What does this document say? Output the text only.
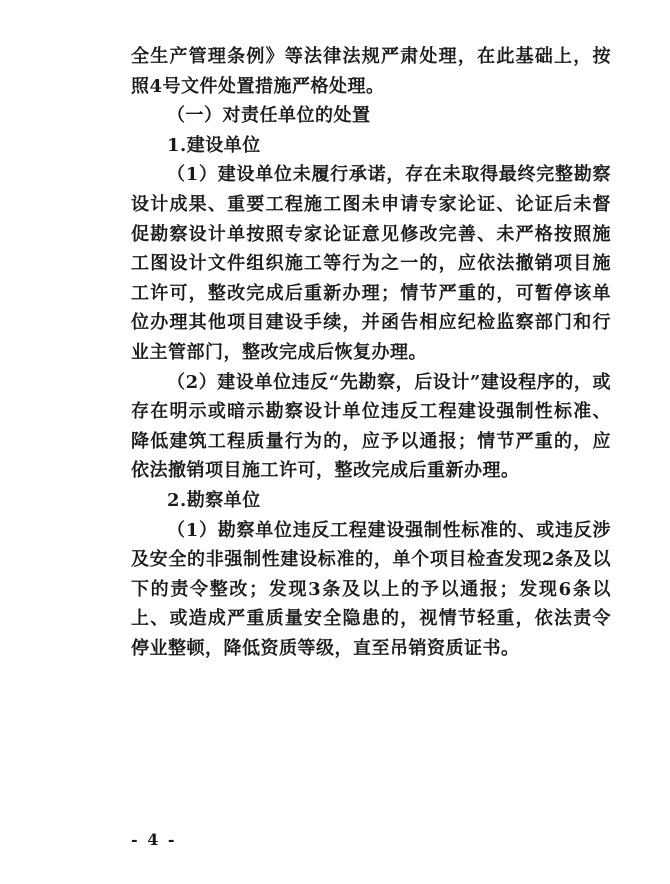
全生产管理条例》等法律法规严肃处理，在此基础上，按照4号文件处置措施严格处理。

（一）对责任单位的处置

1.建设单位

（1）建设单位未履行承诺，存在未取得最终完整勘察设计成果、重要工程施工图未申请专家论证、论证后未督促勘察设计单按照专家论证意见修改完善、未严格按照施工图设计文件组织施工等行为之一的，应依法撤销项目施工许可，整改完成后重新办理；情节严重的，可暂停该单位办理其他项目建设手续，并函告相应纪检监察部门和行业主管部门，整改完成后恢复办理。

（2）建设单位违反“先勘察，后设计”建设程序的，或存在明示或暗示勘察设计单位违反工程建设强制性标准、降低建筑工程质量行为的，应予以通报；情节严重的，应依法撤销项目施工许可，整改完成后重新办理。

2.勘察单位

（1）勘察单位违反工程建设强制性标准的、或违反涉及安全的非强制性建设标准的，单个项目检查发现2条及以下的责令整改；发现3条及以上的予以通报；发现6条以上、或造成严重质量安全隐患的，视情节轻重，依法责令停业整顿，降低资质等级，直至吊销资质证书。

- 4 -
